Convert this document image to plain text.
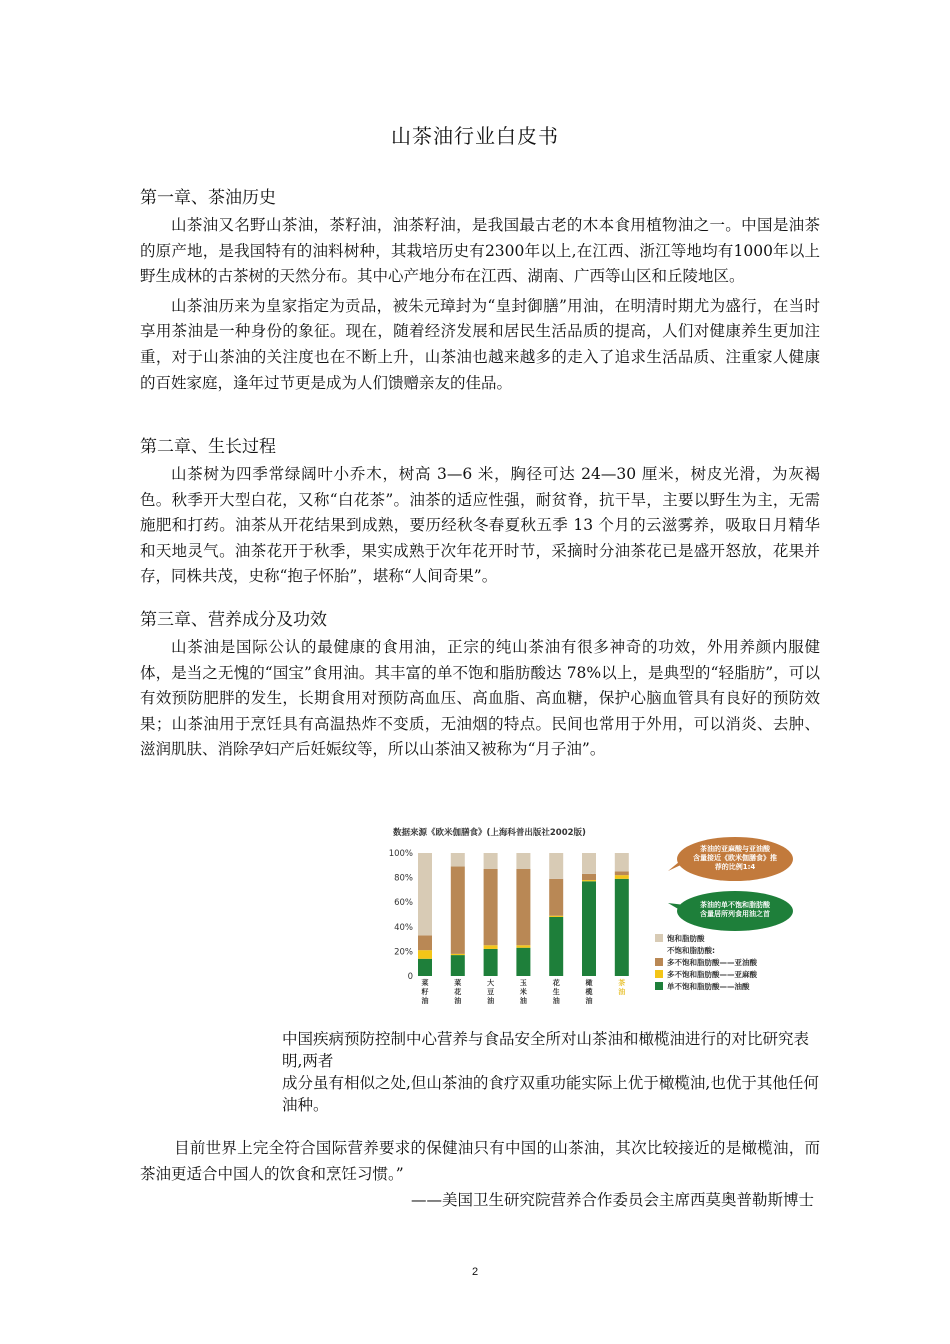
山茶油行业白皮书
第一章、茶油历史

山茶油又名野山茶油，茶籽油，油茶籽油，是我国最古老的木本食用植物油之一。中国是油茶的原产地，是我国特有的油料树种，其栽培历史有2300年以上,在江西、浙江等地均有1000年以上野生成林的古茶树的天然分布。其中心产地分布在江西、湖南、广西等山区和丘陵地区。

山茶油历来为皇家指定为贡品，被朱元璋封为“皇封御膳”用油，在明清时期尤为盛行，在当时享用茶油是一种身份的象征。现在，随着经济发展和居民生活品质的提高，人们对健康养生更加注重，对于山茶油的关注度也在不断上升，山茶油也越来越多的走入了追求生活品质、注重家人健康的百姓家庭，逢年过节更是成为人们馈赠亲友的佳品。

第二章、生长过程

山茶树为四季常绿阔叶小乔木，树高 3—6 米，胸径可达 24—30 厘米，树皮光滑，为灰褐色。秋季开大型白花，又称“白花茶”。油茶的适应性强，耐贫脊，抗干旱，主要以野生为主，无需施肥和打药。油茶从开花结果到成熟，要历经秋冬春夏秋五季 13 个月的云滋雾养，吸取日月精华和天地灵气。油茶花开于秋季，果实成熟于次年花开时节，采摘时分油茶花已是盛开怒放，花果并存，同株共茂，史称“抱子怀胎”，堪称“人间奇果”。

第三章、营养成分及功效

山茶油是国际公认的最健康的食用油，正宗的纯山茶油有很多神奇的功效，外用养颜内服健体，是当之无愧的“国宝”食用油。其丰富的单不饱和脂肪酸达 78%以上，是典型的“轻脂肪”，可以有效预防肥胖的发生，长期食用对预防高血压、高血脂、高血糖，保护心脑血管具有良好的预防效果；山茶油用于烹饪具有高温热炸不变质，无油烟的特点。民间也常用于外用，可以消炎、去肿、滋润肌肤、消除孕妇产后妊娠纹等，所以山茶油又被称为“月子油”。

数据来源《欧米伽膳食》(上海科普出版社2002版)
0
20%
40%
60%
80%
100%
菜籽油
菜花油
大豆油
玉米油
花生油
橄榄油
茶油
茶油的亚麻酸与亚油酸含量接近《欧米伽膳食》推荐的比例1:4
茶油的单不饱和脂肪酸含量居所列食用油之首
饱和脂肪酸
不饱和脂肪酸:
多不饱和脂肪酸——亚油酸
多不饱和脂肪酸——亚麻酸
单不饱和脂肪酸——油酸
中国疾病预防控制中心营养与食品安全所对山茶油和橄榄油进行的对比研究表明,两者
成分虽有相似之处,但山茶油的食疗双重功能实际上优于橄榄油,也优于其他任何油种。
目前世界上完全符合国际营养要求的保健油只有中国的山茶油，其次比较接近的是橄榄油，而茶油更适合中国人的饮食和烹饪习惯。”
——美国卫生研究院营养合作委员会主席西莫奥普勒斯博士
2
